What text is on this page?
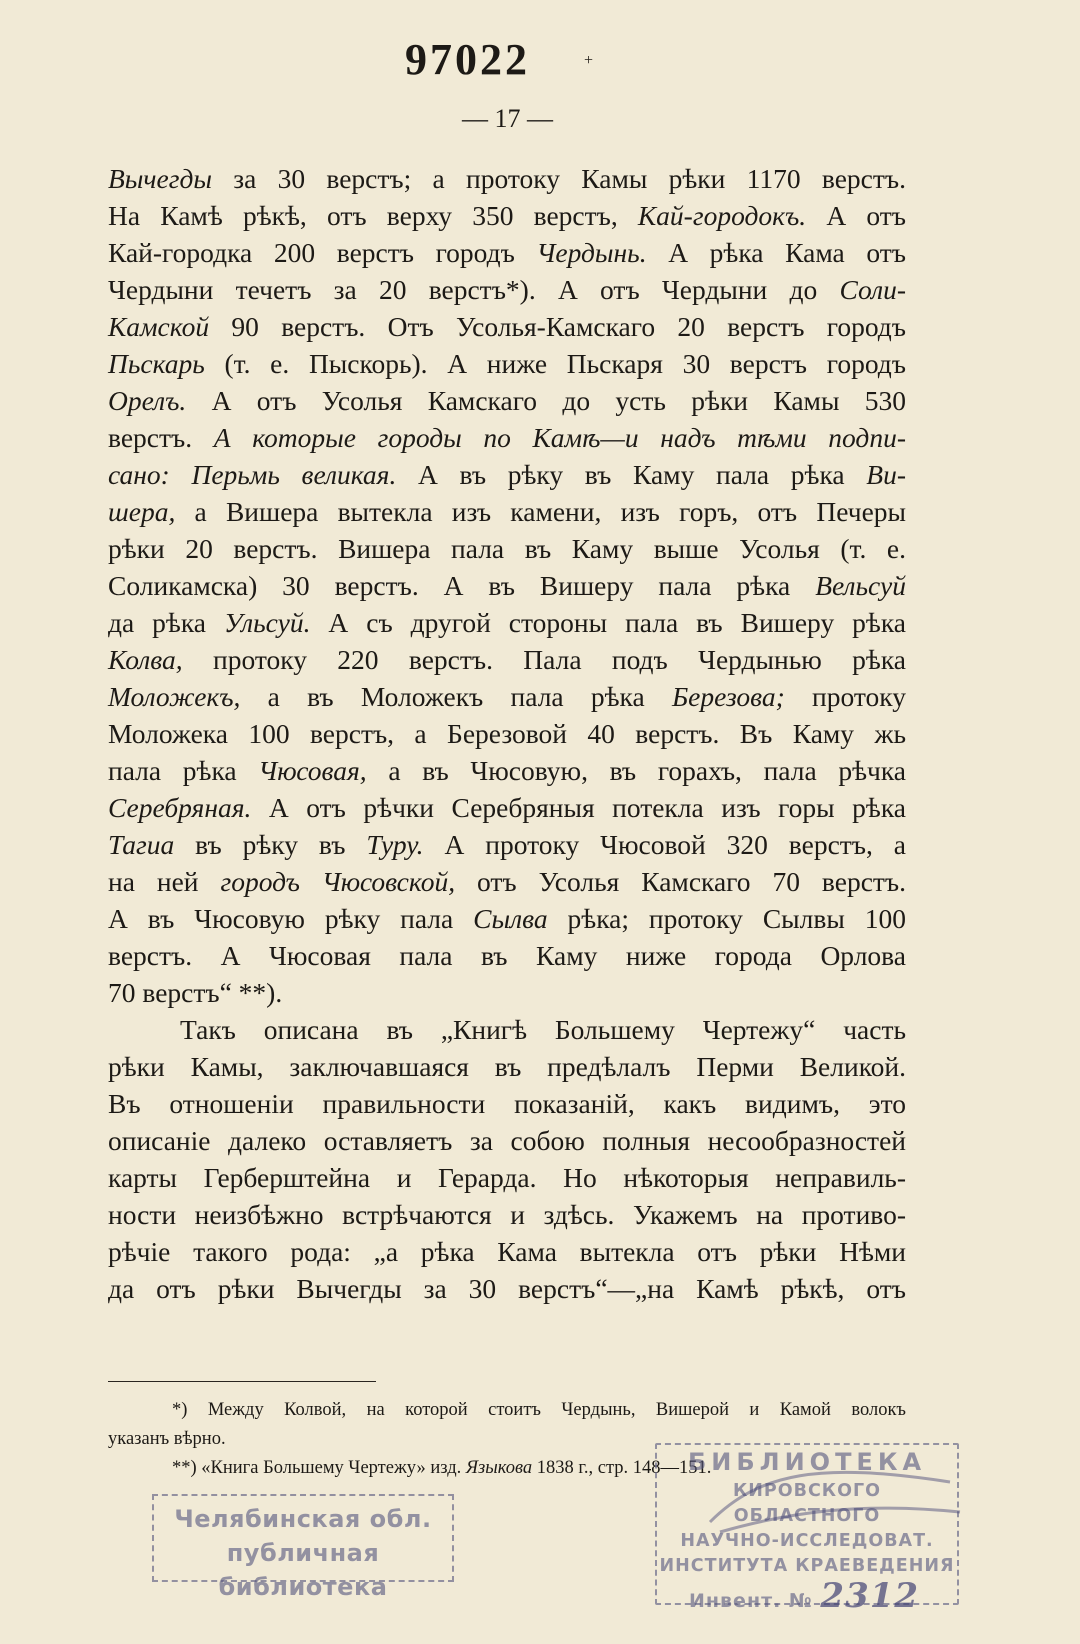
97022	+

— 17 —

Вычегды за 30 верстъ; а протоку Камы рѣки 1170 верстъ.

На Камѣ рѣкѣ, отъ верху 350 верстъ, Кай-городокъ. А отъ

Кай-городка 200 верстъ городъ Чердынь. А рѣка Кама отъ

Чердыни течетъ за 20 верстъ*). А отъ Чердыни до Соли-

Камской 90 верстъ. Отъ Усолья-Камскаго 20 верстъ городъ

Пьскарь (т. е. Пыскорь). А ниже Пьскаря 30 верстъ городъ

Орелъ. А отъ Усолья Камскаго до усть рѣки Камы 530

верстъ. А которые городы по Камѣ—и надъ тѣми подпи-

сано: Перьмь великая. А въ рѣку въ Каму пала рѣка Ви-

шера, а Вишера вытекла изъ камени, изъ горъ, отъ Печеры

рѣки 20 верстъ. Вишера пала въ Каму выше Усолья (т. е.

Соликамска) 30 верстъ. А въ Вишеру пала рѣка Вельсуй

да рѣка Ульсуй. А съ другой стороны пала въ Вишеру рѣка

Колва, протоку 220 верстъ. Пала подъ Чердынью рѣка

Моложекъ, а въ Моложекъ пала рѣка Березова; протоку

Моложека 100 верстъ, а Березовой 40 верстъ. Въ Каму жь

пала рѣка Чюсовая, а въ Чюсовую, въ горахъ, пала рѣчка

Серебряная. А отъ рѣчки Серебряныя потекла изъ горы рѣка

Тагиа въ рѣку въ Туру. А протоку Чюсовой 320 верстъ, а

на ней городъ Чюсовской, отъ Усолья Камскаго 70 верстъ.

А въ Чюсовую рѣку пала Сылва рѣка; протоку Сылвы 100

верстъ. А Чюсовая пала въ Каму ниже города Орлова

70 верстъ“ **).

Такъ описана въ „Книгѣ Большему Чертежу“ часть

рѣки Камы, заключавшаяся въ предѣлалъ Перми Великой.

Въ отношеніи правильности показаній, какъ видимъ, это

описаніе далеко оставляетъ за собою полныя несообразностей

карты Герберштейна и Герарда. Но нѣкоторыя неправиль-

ности неизбѣжно встрѣчаются и здѣсь. Укажемъ на противо-

рѣчіе такого рода: „а рѣка Кама вытекла отъ рѣки Нѣми

да отъ рѣки Вычегды за 30 верстъ“—„на Камѣ рѣкѣ, отъ

*) Между Колвой, на которой стоитъ Чердынь, Вишерой и Камой волокъ

указанъ вѣрно.

**) «Книга Большему Чертежу» изд. Языкова 1838 г., стр. 148—151.

Челябинская обл.

публичная библиотека

БИБЛИОТЕКА

КИРОВСКОГО ОБЛАСТНОГО

НАУЧНО-ИССЛЕДОВАТ.

ИНСТИТУТА КРАЕВЕДЕНИЯ

Инвент. № 2312
